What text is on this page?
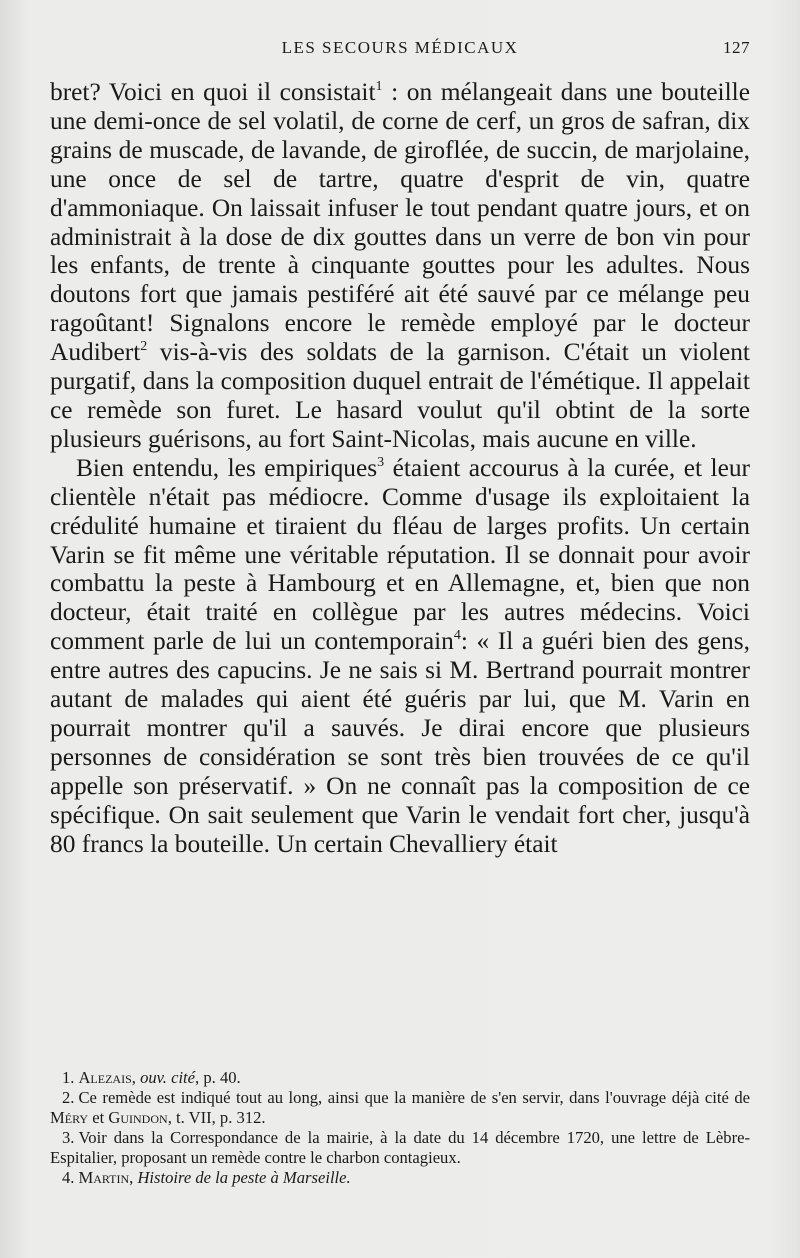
LES SECOURS MÉDICAUX	127

bret? Voici en quoi il consistait$^1$ : on mélangeait dans une bouteille une demi-once de sel volatil, de corne de cerf, un gros de safran, dix grains de muscade, de lavande, de giroflée, de succin, de marjolaine, une once de sel de tartre, quatre d'esprit de vin, quatre d'ammoniaque. On laissait infuser le tout pendant quatre jours, et on administrait à la dose de dix gouttes dans un verre de bon vin pour les enfants, de trente à cinquante gouttes pour les adultes. Nous doutons fort que jamais pestiféré ait été sauvé par ce mélange peu ragoûtant! Signalons encore le remède employé par le docteur Audibert$^2$ vis-à-vis des soldats de la garnison. C'était un violent purgatif, dans la composition duquel entrait de l'émétique. Il appelait ce remède son furet. Le hasard voulut qu'il obtint de la sorte plusieurs guérisons, au fort Saint-Nicolas, mais aucune en ville.

Bien entendu, les empiriques$^3$ étaient accourus à la curée, et leur clientèle n'était pas médiocre. Comme d'usage ils exploitaient la crédulité humaine et tiraient du fléau de larges profits. Un certain Varin se fit même une véritable réputation. Il se donnait pour avoir combattu la peste à Hambourg et en Allemagne, et, bien que non docteur, était traité en collègue par les autres médecins. Voici comment parle de lui un contemporain$^4$: « Il a guéri bien des gens, entre autres des capucins. Je ne sais si M. Bertrand pourrait montrer autant de malades qui aient été guéris par lui, que M. Varin en pourrait montrer qu'il a sauvés. Je dirai encore que plusieurs personnes de considération se sont très bien trouvées de ce qu'il appelle son préservatif. » On ne connaît pas la composition de ce spécifique. On sait seulement que Varin le vendait fort cher, jusqu'à 80 francs la bouteille. Un certain Chevalliery était

1. Alezais, ouv. cité, p. 40.

2. Ce remède est indiqué tout au long, ainsi que la manière de s'en servir, dans l'ouvrage déjà cité de Méry et Guindon, t. VII, p. 312.

3. Voir dans la Correspondance de la mairie, à la date du 14 décembre 1720, une lettre de Lèbre-Espitalier, proposant un remède contre le charbon contagieux.

4. Martin, Histoire de la peste à Marseille.
